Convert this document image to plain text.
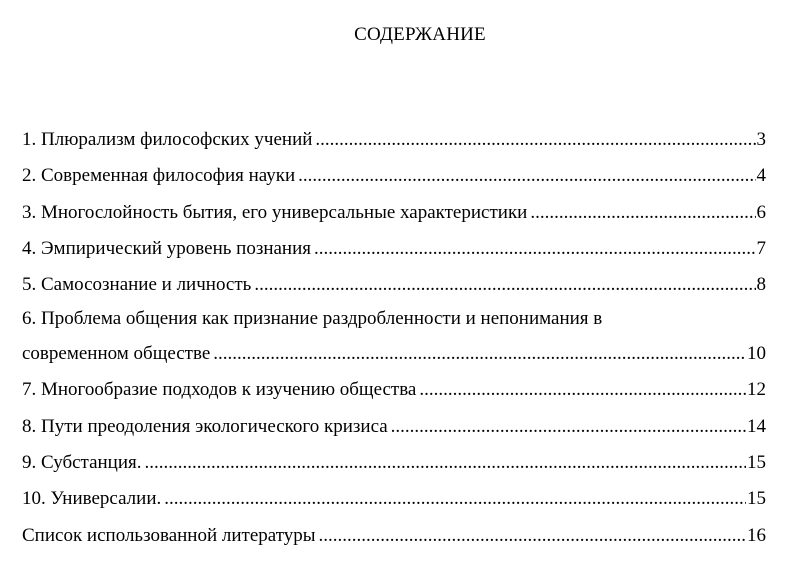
СОДЕРЖАНИЕ
1. Плюрализм философских учений .....	3
2. Современная философия науки .....	4
3. Многослойность бытия, его универсальные характеристики .....	6
4. Эмпирический уровень познания .....	7
5. Самосознание и личность .....	8
6. Проблема общения как признание раздробленности и непонимания в
современном обществе .....	10
7. Многообразие подходов к изучению общества .....	12
8. Пути преодоления экологического кризиса .....	14
9. Субстанция. .....	15
10. Универсалии. .....	15
Список использованной литературы .....	16
